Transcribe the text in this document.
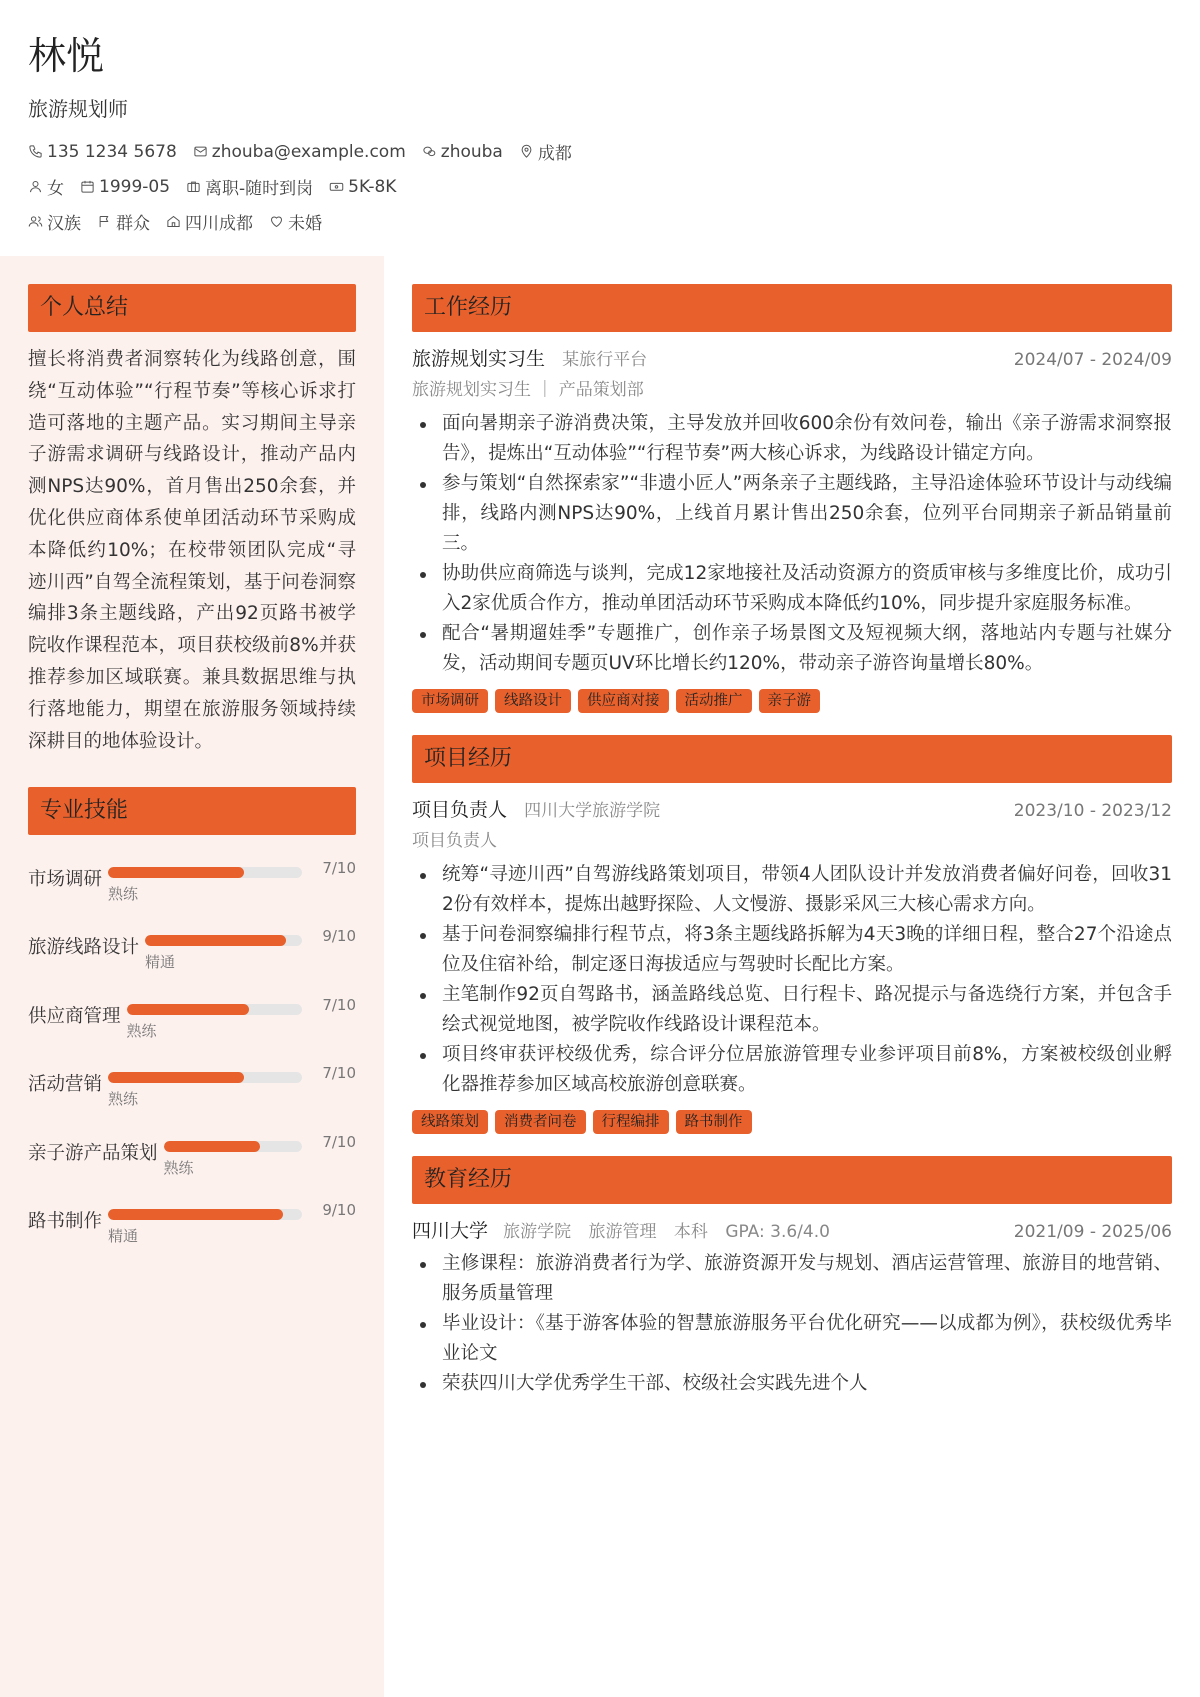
林悦
旅游规划师
135 1234 5678 zhouba@example.com zhouba 成都
女 1999-05 离职-随时到岗 5K-8K
汉族 群众 四川成都 未婚
个人总结
擅长将消费者洞察转化为线路创意，围绕“互动体验”“行程节奏”等核心诉求打造可落地的主题产品。实习期间主导亲子游需求调研与线路设计，推动产品内测NPS达90%，首月售出250余套，并优化供应商体系使单团活动环节采购成本降低约10%；在校带领团队完成“寻迹川西”自驾全流程策划，基于问卷洞察编排3条主题线路，产出92页路书被学院收作课程范本，项目获校级前8%并获推荐参加区域联赛。兼具数据思维与执行落地能力，期望在旅游服务领域持续深耕目的地体验设计。
专业技能
市场调研
7/10
熟练
旅游线路设计
9/10
精通
供应商管理
7/10
熟练
活动营销
7/10
熟练
亲子游产品策划
7/10
熟练
路书制作
9/10
精通
工作经历
旅游规划实习生 某旅行平台	2024/07 - 2024/09
旅游规划实习生 ｜ 产品策划部
面向暑期亲子游消费决策，主导发放并回收600余份有效问卷，输出《亲子游需求洞察报告》，提炼出“互动体验”“行程节奏”两大核心诉求，为线路设计锚定方向。
参与策划“自然探索家”“非遗小匠人”两条亲子主题线路，主导沿途体验环节设计与动线编排，线路内测NPS达90%，上线首月累计售出250余套，位列平台同期亲子新品销量前三。
协助供应商筛选与谈判，完成12家地接社及活动资源方的资质审核与多维度比价，成功引入2家优质合作方，推动单团活动环节采购成本降低约10%，同步提升家庭服务标准。
配合“暑期遛娃季”专题推广，创作亲子场景图文及短视频大纲，落地站内专题与社媒分发，活动期间专题页UV环比增长约120%，带动亲子游咨询量增长80%。
市场调研	线路设计	供应商对接	活动推广	亲子游
项目经历
项目负责人 四川大学旅游学院	2023/10 - 2023/12
项目负责人
统筹“寻迹川西”自驾游线路策划项目，带领4人团队设计并发放消费者偏好问卷，回收312份有效样本，提炼出越野探险、人文慢游、摄影采风三大核心需求方向。
基于问卷洞察编排行程节点，将3条主题线路拆解为4天3晚的详细日程，整合27个沿途点位及住宿补给，制定逐日海拔适应与驾驶时长配比方案。
主笔制作92页自驾路书，涵盖路线总览、日行程卡、路况提示与备选绕行方案，并包含手绘式视觉地图，被学院收作线路设计课程范本。
项目终审获评校级优秀，综合评分位居旅游管理专业参评项目前8%，方案被校级创业孵化器推荐参加区域高校旅游创意联赛。
线路策划	消费者问卷	行程编排	路书制作
教育经历
四川大学 旅游学院 旅游管理 本科 GPA: 3.6/4.0	2021/09 - 2025/06
主修课程：旅游消费者行为学、旅游资源开发与规划、酒店运营管理、旅游目的地营销、服务质量管理
毕业设计：《基于游客体验的智慧旅游服务平台优化研究——以成都为例》，获校级优秀毕业论文
荣获四川大学优秀学生干部、校级社会实践先进个人
